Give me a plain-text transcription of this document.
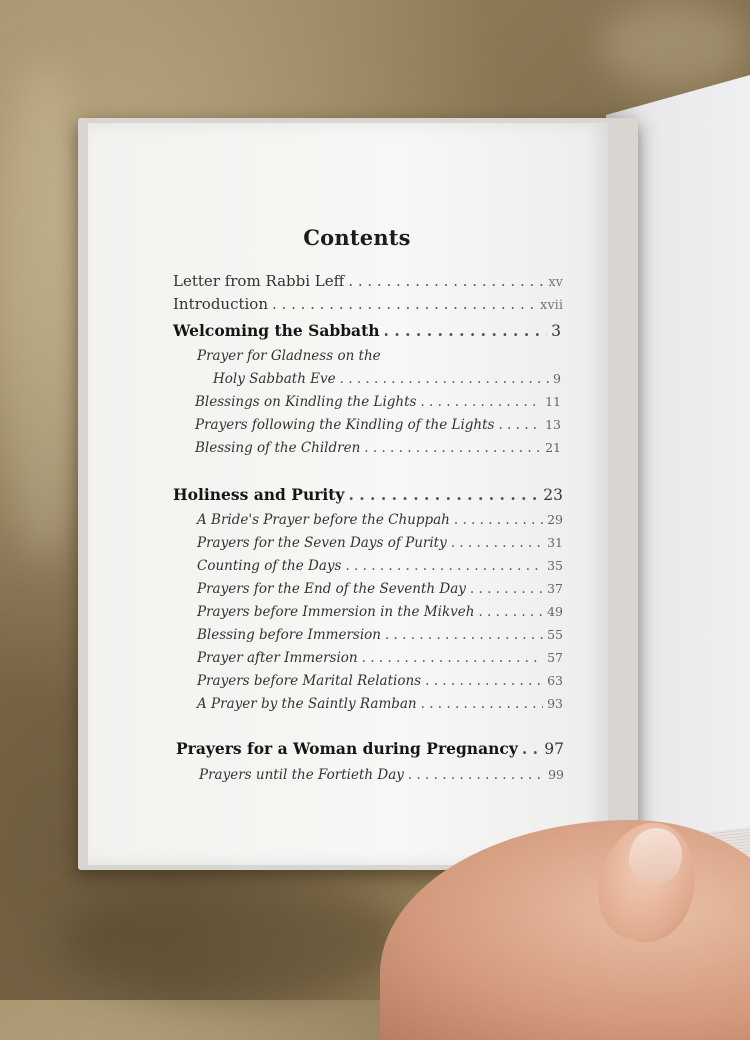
Contents
Letter from Rabbi Leff . . .	xv
Introduction . . .	xvii
Welcoming the Sabbath . . .	3
Prayer for Gladness on the
Holy Sabbath Eve . . .	9
Blessings on Kindling the Lights . . .	11
Prayers following the Kindling of the Lights . . .	13
Blessing of the Children . . .	21
Holiness and Purity . . .	23
A Bride's Prayer before the Chuppah . . .	29
Prayers for the Seven Days of Purity . . .	31
Counting of the Days . . .	35
Prayers for the End of the Seventh Day . . .	37
Prayers before Immersion in the Mikveh . . .	49
Blessing before Immersion . . .	55
Prayer after Immersion . . .	57
Prayers before Marital Relations . . .	63
A Prayer by the Saintly Ramban . . .	93
Prayers for a Woman during Pregnancy . . . 97
Prayers until the Fortieth Day . . .	99
